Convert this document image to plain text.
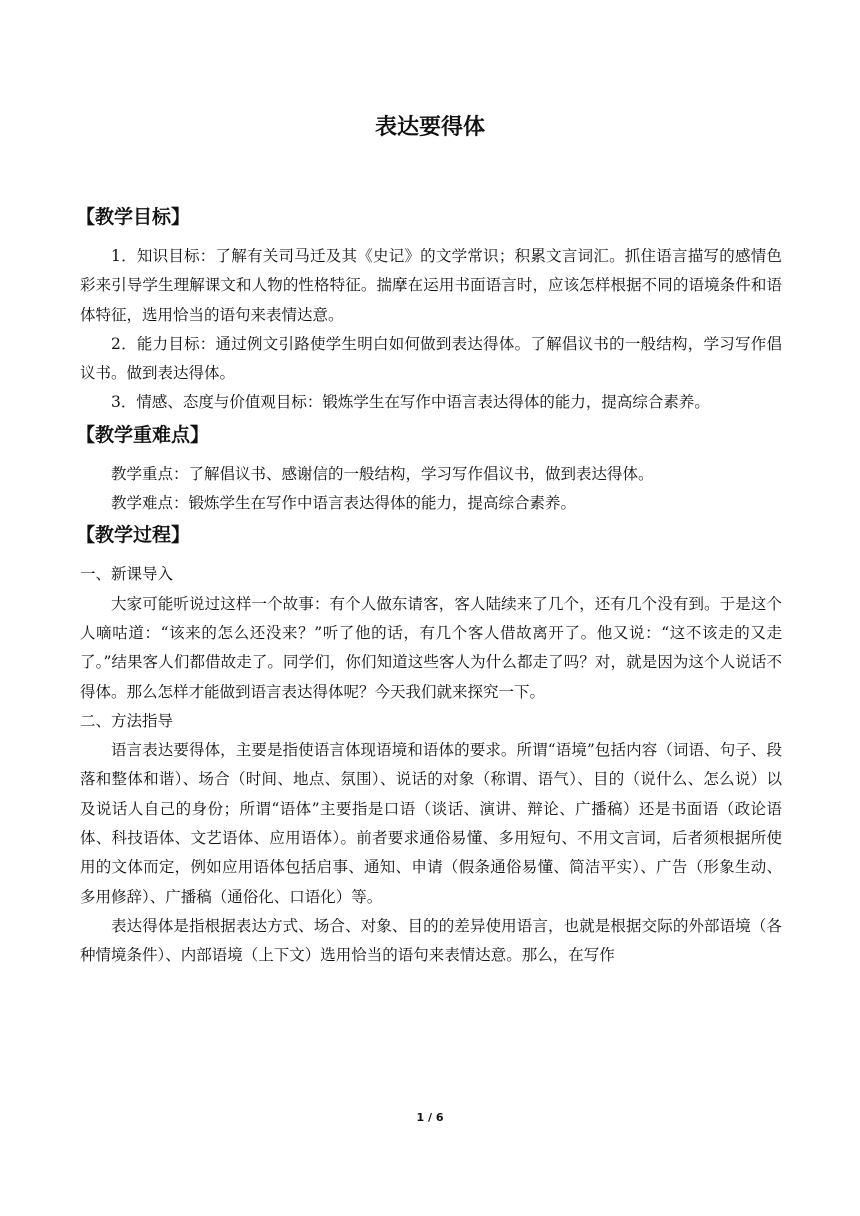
表达要得体
【教学目标】

1．知识目标：了解有关司马迁及其《史记》的文学常识；积累文言词汇。抓住语言描写的感情色彩来引导学生理解课文和人物的性格特征。揣摩在运用书面语言时，应该怎样根据不同的语境条件和语体特征，选用恰当的语句来表情达意。

2．能力目标：通过例文引路使学生明白如何做到表达得体。了解倡议书的一般结构，学习写作倡议书。做到表达得体。

3．情感、态度与价值观目标：锻炼学生在写作中语言表达得体的能力，提高综合素养。

【教学重难点】

教学重点：了解倡议书、感谢信的一般结构，学习写作倡议书，做到表达得体。

教学难点：锻炼学生在写作中语言表达得体的能力，提高综合素养。

【教学过程】

一、新课导入

大家可能听说过这样一个故事：有个人做东请客，客人陆续来了几个，还有几个没有到。于是这个人嘀咕道：“该来的怎么还没来？”听了他的话，有几个客人借故离开了。他又说：“这不该走的又走了。”结果客人们都借故走了。同学们，你们知道这些客人为什么都走了吗？对，就是因为这个人说话不得体。那么怎样才能做到语言表达得体呢？今天我们就来探究一下。

二、方法指导

语言表达要得体，主要是指使语言体现语境和语体的要求。所谓“语境”包括内容（词语、句子、段落和整体和谐）、场合（时间、地点、氛围）、说话的对象（称谓、语气）、目的（说什么、怎么说）以及说话人自己的身份；所谓“语体”主要指是口语（谈话、演讲、辩论、广播稿）还是书面语（政论语体、科技语体、文艺语体、应用语体）。前者要求通俗易懂、多用短句、不用文言词，后者须根据所使用的文体而定，例如应用语体包括启事、通知、申请（假条通俗易懂、简洁平实）、广告（形象生动、多用修辞）、广播稿（通俗化、口语化）等。

表达得体是指根据表达方式、场合、对象、目的的差异使用语言，也就是根据交际的外部语境（各种情境条件）、内部语境（上下文）选用恰当的语句来表情达意。那么，在写作

1 / 6
